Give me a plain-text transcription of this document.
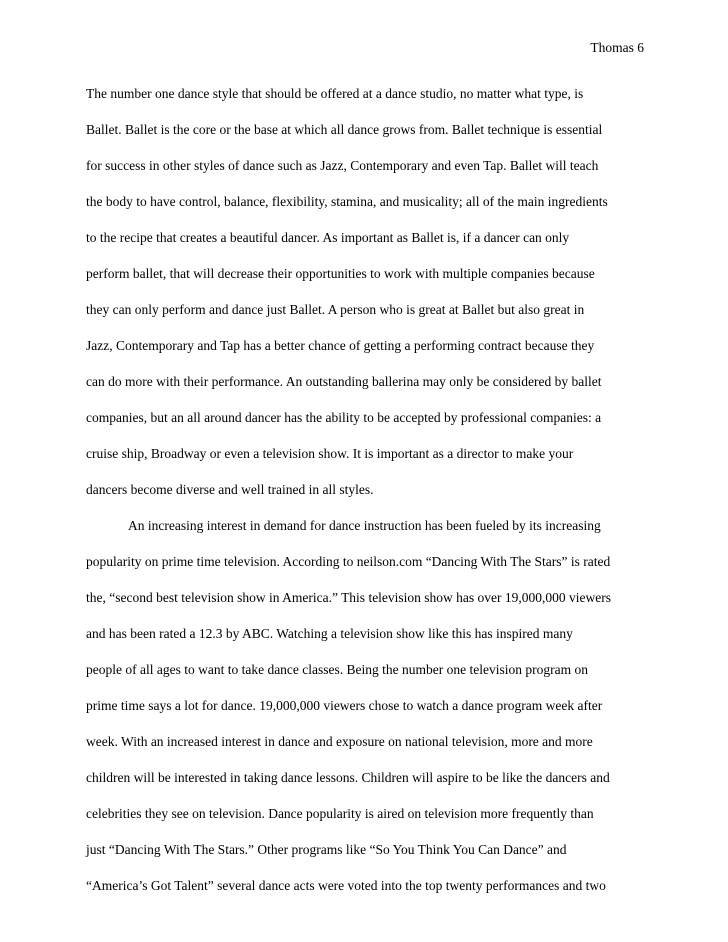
Thomas 6
The number one dance style that should be offered at a dance studio, no matter what type, is
Ballet. Ballet is the core or the base at which all dance grows from. Ballet technique is essential
for success in other styles of dance such as Jazz, Contemporary and even Tap. Ballet will teach
the body to have control, balance, flexibility, stamina, and musicality; all of the main ingredients
to the recipe that creates a beautiful dancer. As important as Ballet is, if a dancer can only
perform ballet, that will decrease their opportunities to work with multiple companies because
they can only perform and dance just Ballet. A person who is great at Ballet but also great in
Jazz, Contemporary and Tap has a better chance of getting a performing contract because they
can do more with their performance. An outstanding ballerina may only be considered by ballet
companies, but an all around dancer has the ability to be accepted by professional companies: a
cruise ship, Broadway or even a television show. It is important as a director to make your
dancers become diverse and well trained in all styles.
An increasing interest in demand for dance instruction has been fueled by its increasing
popularity on prime time television. According to neilson.com “Dancing With The Stars” is rated
the, “second best television show in America.” This television show has over 19,000,000 viewers
and has been rated a 12.3 by ABC. Watching a television show like this has inspired many
people of all ages to want to take dance classes. Being the number one television program on
prime time says a lot for dance. 19,000,000 viewers chose to watch a dance program week after
week. With an increased interest in dance and exposure on national television, more and more
children will be interested in taking dance lessons. Children will aspire to be like the dancers and
celebrities they see on television. Dance popularity is aired on television more frequently than
just “Dancing With The Stars.” Other programs like “So You Think You Can Dance” and
“America’s Got Talent” several dance acts were voted into the top twenty performances and two
